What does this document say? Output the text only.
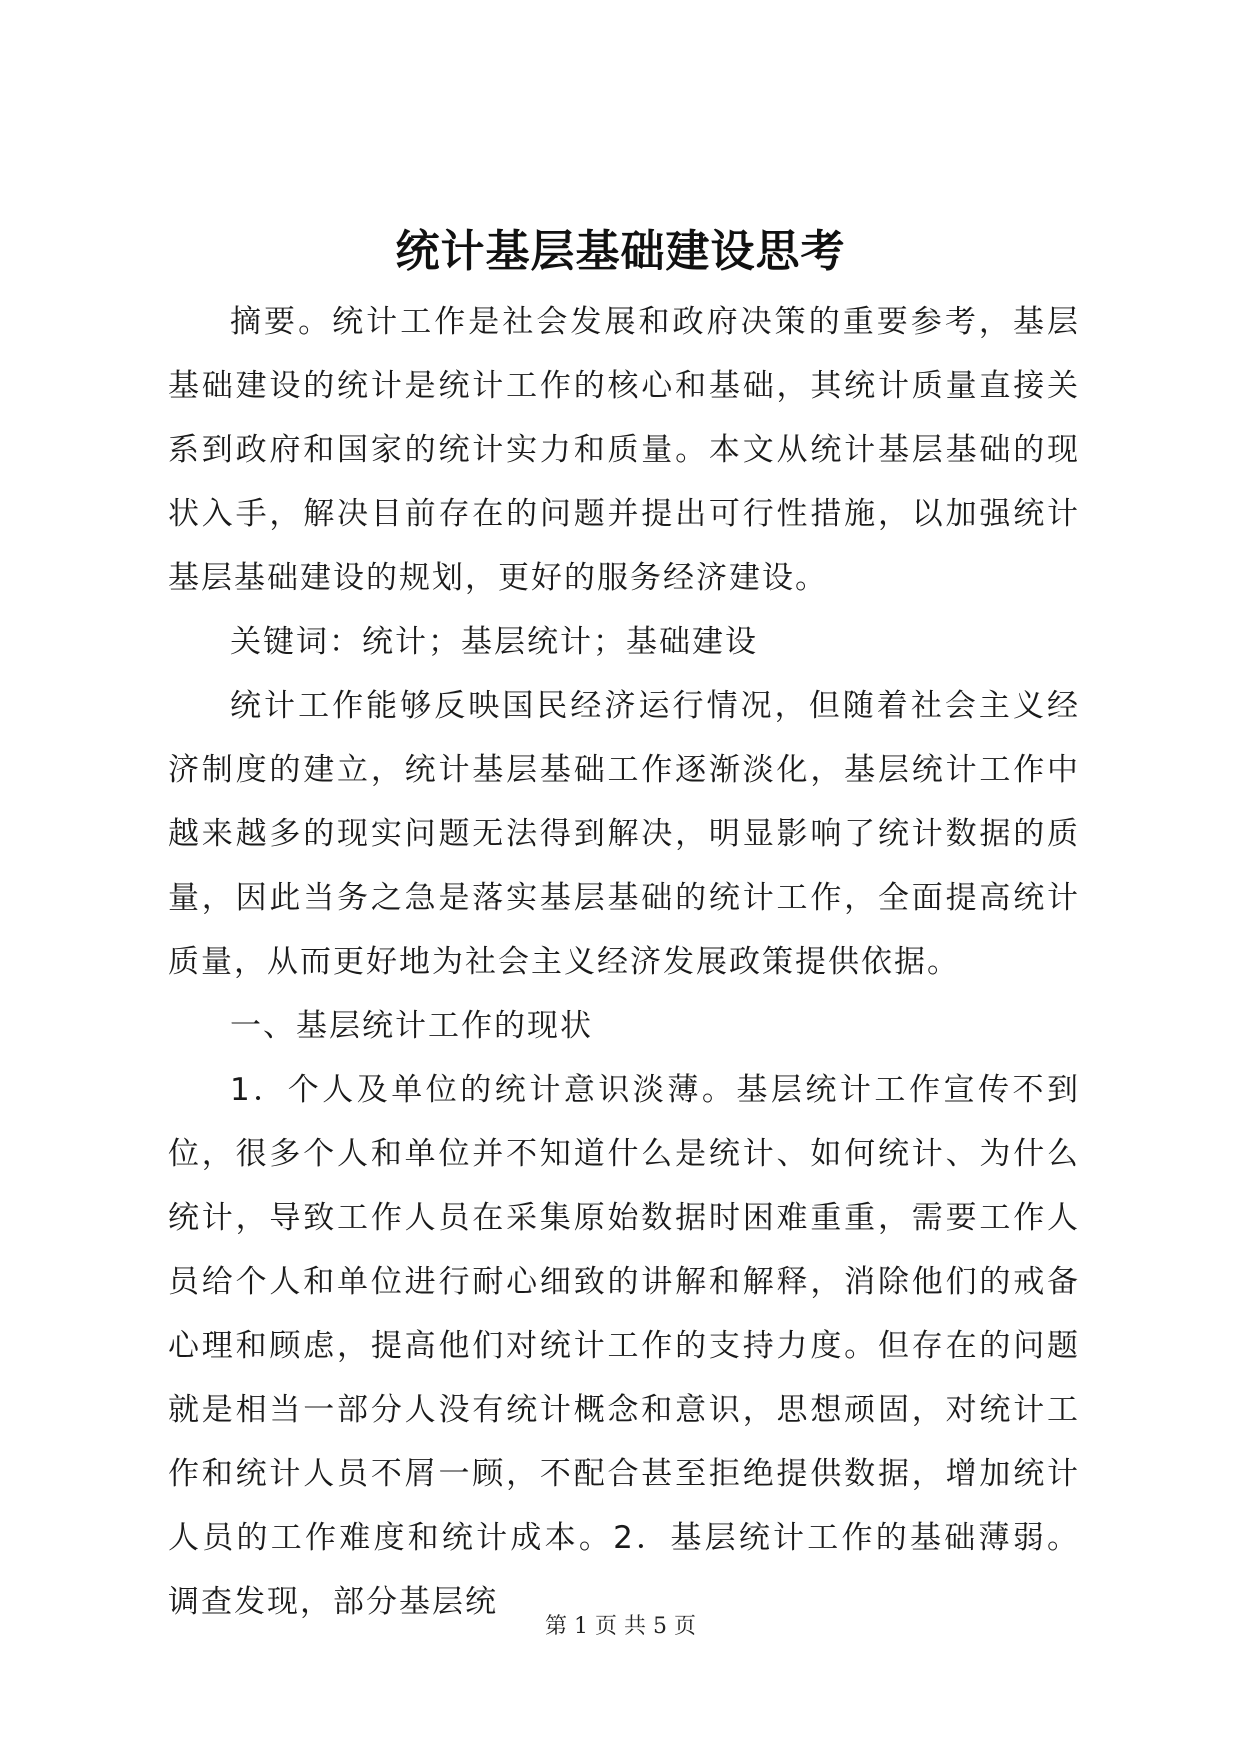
统计基层基础建设思考

摘要。统计工作是社会发展和政府决策的重要参考，基层基础建设的统计是统计工作的核心和基础，其统计质量直接关系到政府和国家的统计实力和质量。本文从统计基层基础的现状入手，解决目前存在的问题并提出可行性措施，以加强统计基层基础建设的规划，更好的服务经济建设。

关键词：统计；基层统计；基础建设

统计工作能够反映国民经济运行情况，但随着社会主义经济制度的建立，统计基层基础工作逐渐淡化，基层统计工作中越来越多的现实问题无法得到解决，明显影响了统计数据的质量，因此当务之急是落实基层基础的统计工作，全面提高统计质量，从而更好地为社会主义经济发展政策提供依据。

一、基层统计工作的现状

1．个人及单位的统计意识淡薄。基层统计工作宣传不到位，很多个人和单位并不知道什么是统计、如何统计、为什么统计，导致工作人员在采集原始数据时困难重重，需要工作人员给个人和单位进行耐心细致的讲解和解释，消除他们的戒备心理和顾虑，提高他们对统计工作的支持力度。但存在的问题就是相当一部分人没有统计概念和意识，思想顽固，对统计工作和统计人员不屑一顾，不配合甚至拒绝提供数据，增加统计人员的工作难度和统计成本。2．基层统计工作的基础薄弱。调查发现，部分基层统

第 1 页 共 5 页
